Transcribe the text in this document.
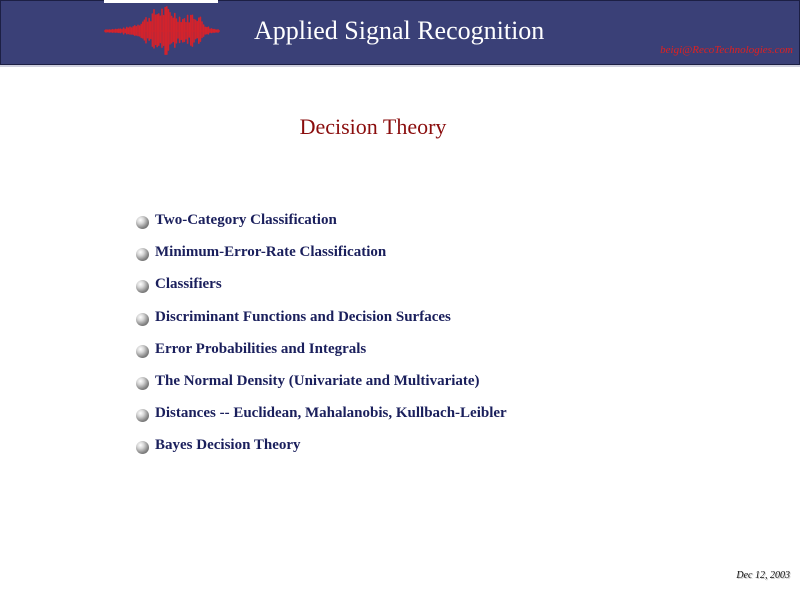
Applied Signal Recognition
beigi@RecoTechnologies.com
Decision Theory
Two-Category Classification
Minimum-Error-Rate Classification
Classifiers
Discriminant Functions and Decision Surfaces
Error Probabilities and Integrals
The Normal Density (Univariate and Multivariate)
Distances -- Euclidean, Mahalanobis, Kullbach-Leibler
Bayes Decision Theory
Dec 12, 2003
